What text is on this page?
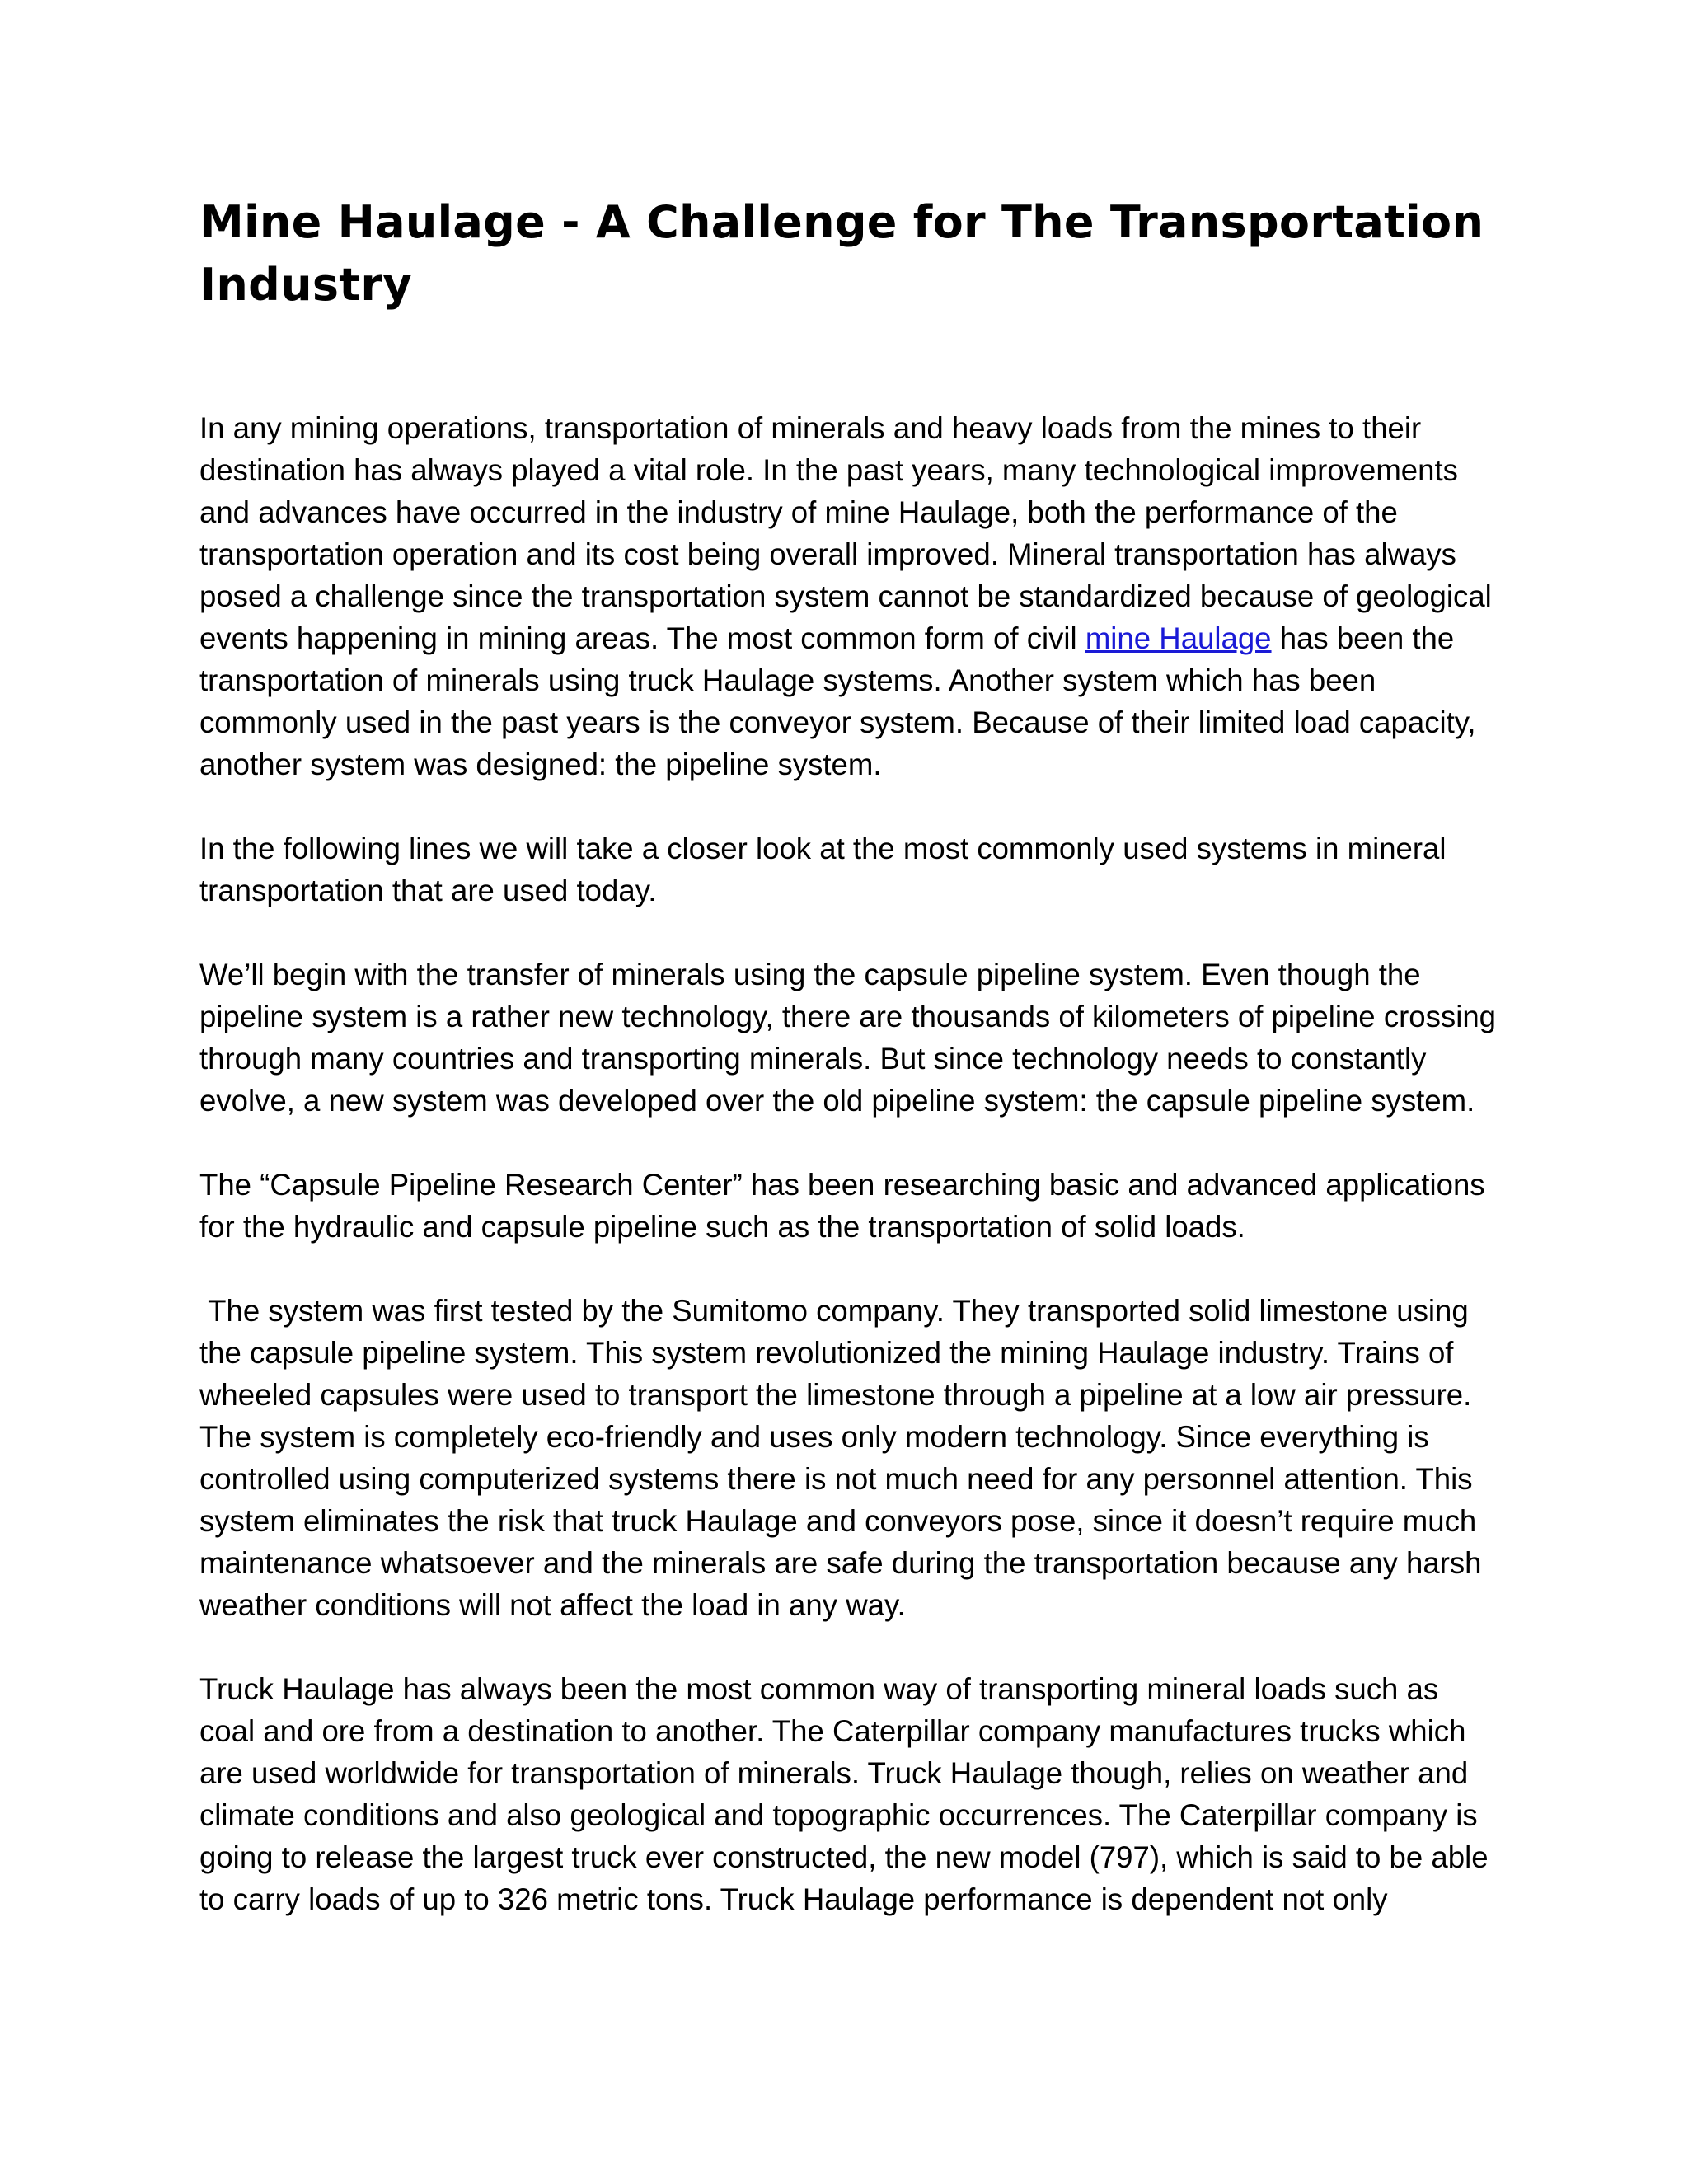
Mine Haulage - A Challenge for The Transportation Industry

In any mining operations, transportation of minerals and heavy loads from the mines to their destination has always played a vital role. In the past years, many technological improvements and advances have occurred in the industry of mine Haulage, both the performance of the transportation operation and its cost being overall improved. Mineral transportation has always posed a challenge since the transportation system cannot be standardized because of geological events happening in mining areas. The most common form of civil mine Haulage has been the transportation of minerals using truck Haulage systems. Another system which has been commonly used in the past years is the conveyor system. Because of their limited load capacity, another system was designed: the pipeline system.

In the following lines we will take a closer look at the most commonly used systems in mineral transportation that are used today.

We’ll begin with the transfer of minerals using the capsule pipeline system. Even though the pipeline system is a rather new technology, there are thousands of kilometers of pipeline crossing through many countries and transporting minerals. But since technology needs to constantly evolve, a new system was developed over the old pipeline system: the capsule pipeline system.

The “Capsule Pipeline Research Center” has been researching basic and advanced applications for the hydraulic and capsule pipeline such as the transportation of solid loads.

The system was first tested by the Sumitomo company. They transported solid limestone using the capsule pipeline system. This system revolutionized the mining Haulage industry. Trains of wheeled capsules were used to transport the limestone through a pipeline at a low air pressure. The system is completely eco-friendly and uses only modern technology. Since everything is controlled using computerized systems there is not much need for any personnel attention. This system eliminates the risk that truck Haulage and conveyors pose, since it doesn’t require much maintenance whatsoever and the minerals are safe during the transportation because any harsh weather conditions will not affect the load in any way.

Truck Haulage has always been the most common way of transporting mineral loads such as coal and ore from a destination to another. The Caterpillar company manufactures trucks which are used worldwide for transportation of minerals. Truck Haulage though, relies on weather and climate conditions and also geological and topographic occurrences. The Caterpillar company is going to release the largest truck ever constructed, the new model (797), which is said to be able to carry loads of up to 326 metric tons. Truck Haulage performance is dependent not only
